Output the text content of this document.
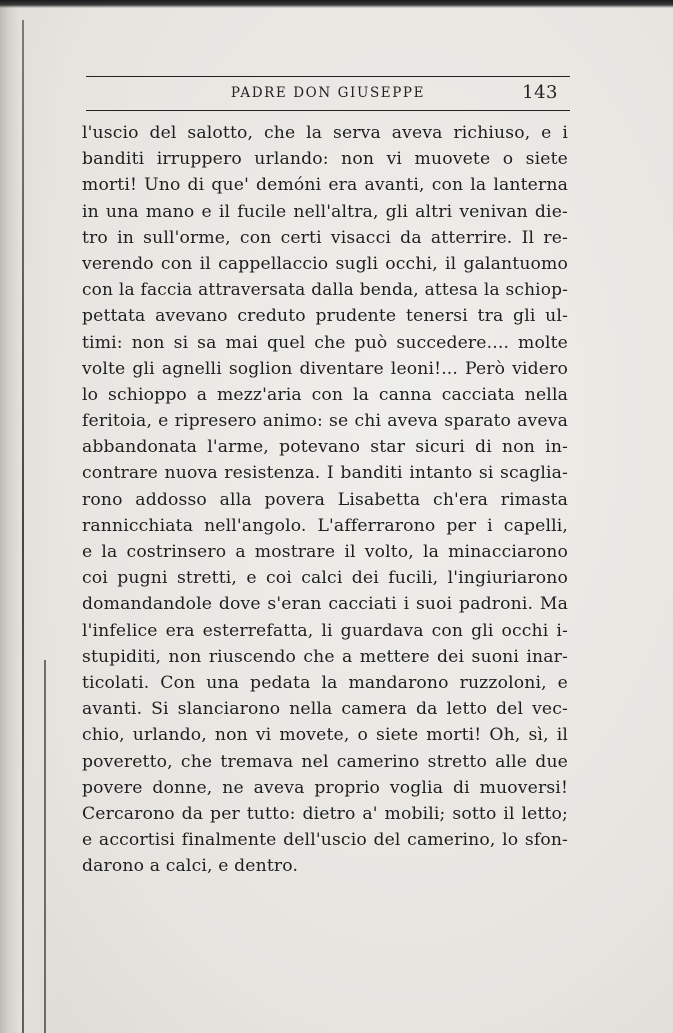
PADRE DON GIUSEPPE	143
l'uscio del salotto, che la serva aveva richiuso, e i
banditi irruppero urlando: non vi muovete o siete
morti! Uno di que' demóni era avanti, con la lanterna
in una mano e il fucile nell'altra, gli altri venivan die-
tro in sull'orme, con certi visacci da atterrire. Il re-
verendo con il cappellaccio sugli occhi, il galantuomo
con la faccia attraversata dalla benda, attesa la schiop-
pettata avevano creduto prudente tenersi tra gli ul-
timi: non si sa mai quel che può succedere.... molte
volte gli agnelli soglion diventare leoni!... Però videro
lo schioppo a mezz'aria con la canna cacciata nella
feritoia, e ripresero animo: se chi aveva sparato aveva
abbandonata l'arme, potevano star sicuri di non in-
contrare nuova resistenza. I banditi intanto si scaglia-
rono addosso alla povera Lisabetta ch'era rimasta
rannicchiata nell'angolo. L'afferrarono per i capelli,
e la costrinsero a mostrare il volto, la minacciarono
coi pugni stretti, e coi calci dei fucili, l'ingiuriarono
domandandole dove s'eran cacciati i suoi padroni. Ma
l'infelice era esterrefatta, li guardava con gli occhi i-
stupiditi, non riuscendo che a mettere dei suoni inar-
ticolati. Con una pedata la mandarono ruzzoloni, e
avanti. Si slanciarono nella camera da letto del vec-
chio, urlando, non vi movete, o siete morti! Oh, sì, il
poveretto, che tremava nel camerino stretto alle due
povere donne, ne aveva proprio voglia di muoversi!
Cercarono da per tutto: dietro a' mobili; sotto il letto;
e accortisi finalmente dell'uscio del camerino, lo sfon-
darono a calci, e dentro.
